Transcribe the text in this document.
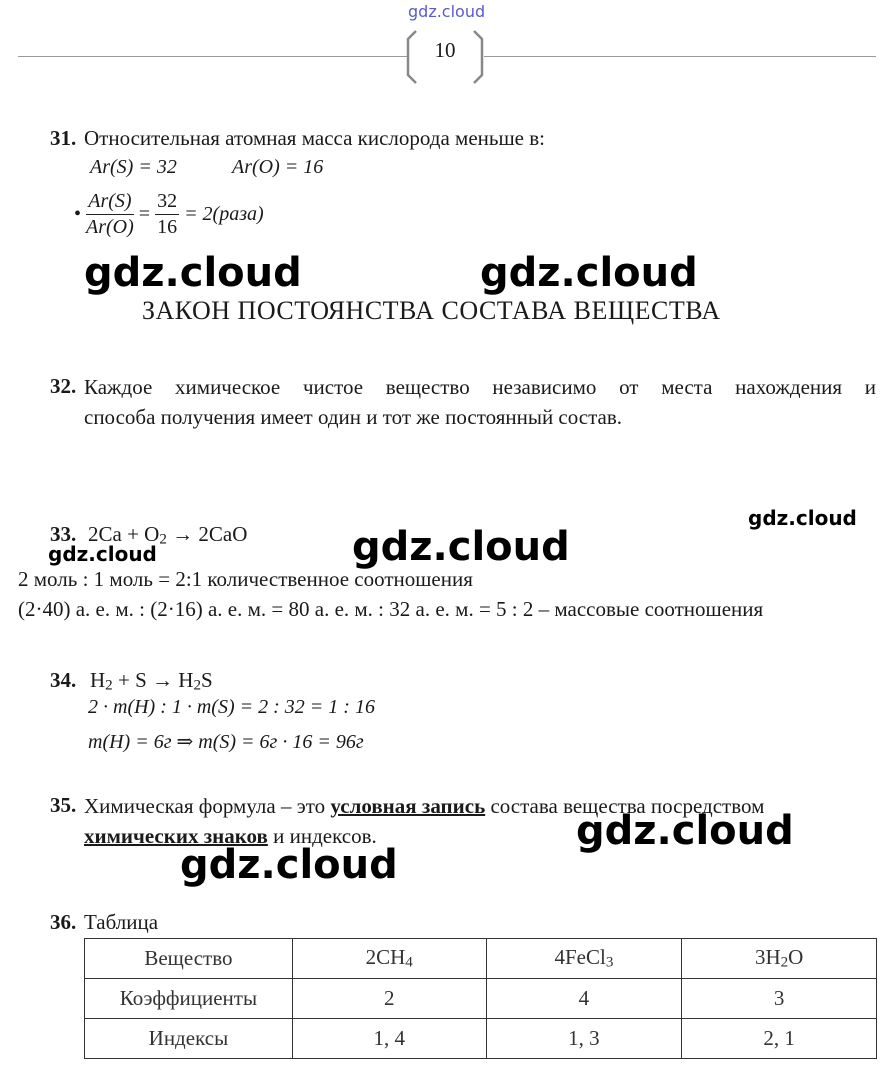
gdz.cloud
10
31. Относительная атомная масса кислорода меньше в:
Ar(S) = 32	Ar(O) = 16
• $\frac{Ar(S)}{Ar(O)} = \frac{32}{16}$ = 2(раза)
gdz.cloud	gdz.cloud
ЗАКОН ПОСТОЯНСТВА СОСТАВА ВЕЩЕСТВА
32. Каждое химическое чистое вещество независимо от места нахождения и
способа получения имеет один и тот же постоянный состав.
gdz.cloud
33. $2Ca + O_2 \to 2CaO$
gdz.cloud	gdz.cloud
2 моль : 1 моль = 2:1 количественное соотношения
(2·40) а. е. м. : (2·16) а. е. м. = 80 а. е. м. : 32 а. е. м. = 5 : 2 – массовые соотношения
34. $H_2 + S \to H_2S$
2 · m(H) : 1 · m(S) = 2 : 32 = 1 : 16
m(H) = 6г ⇒ m(S) = 6г · 16 = 96г
35. Химическая формула – это условная запись состава вещества посредством
химических знаков и индексов.	gdz.cloud
gdz.cloud
36. Таблица
Вещество	$2CH_4$	4FeCl$_3$	$3H_2O$
Коэффициенты	2	4	3
Индексы	1, 4	1, 3	2, 1
